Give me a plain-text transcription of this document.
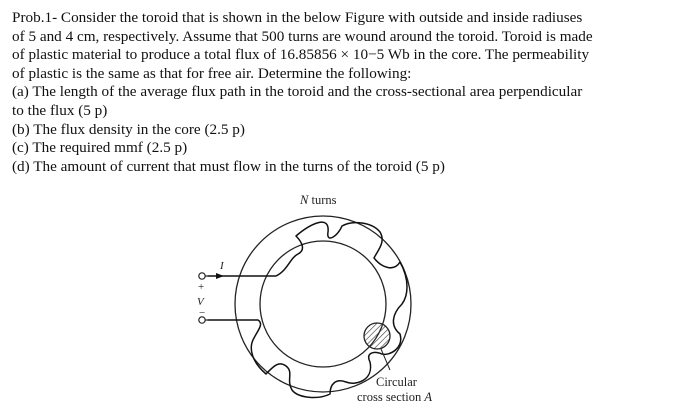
Prob.1- Consider the toroid that is shown in the below Figure with outside and inside radiuses
of 5 and 4 cm, respectively. Assume that 500 turns are wound around the toroid. Toroid is made
of plastic material to produce a total flux of 16.85856 × 10−5 Wb in the core. The permeability
of plastic is the same as that for free air. Determine the following:
(a) The length of the average flux path in the toroid and the cross-sectional area perpendicular
to the flux (5 p)
(b) The flux density in the core (2.5 p)
(c) The required mmf (2.5 p)
(d) The amount of current that must flow in the turns of the toroid (5 p)
N turns
I
+
V
−
Circular
cross section A
